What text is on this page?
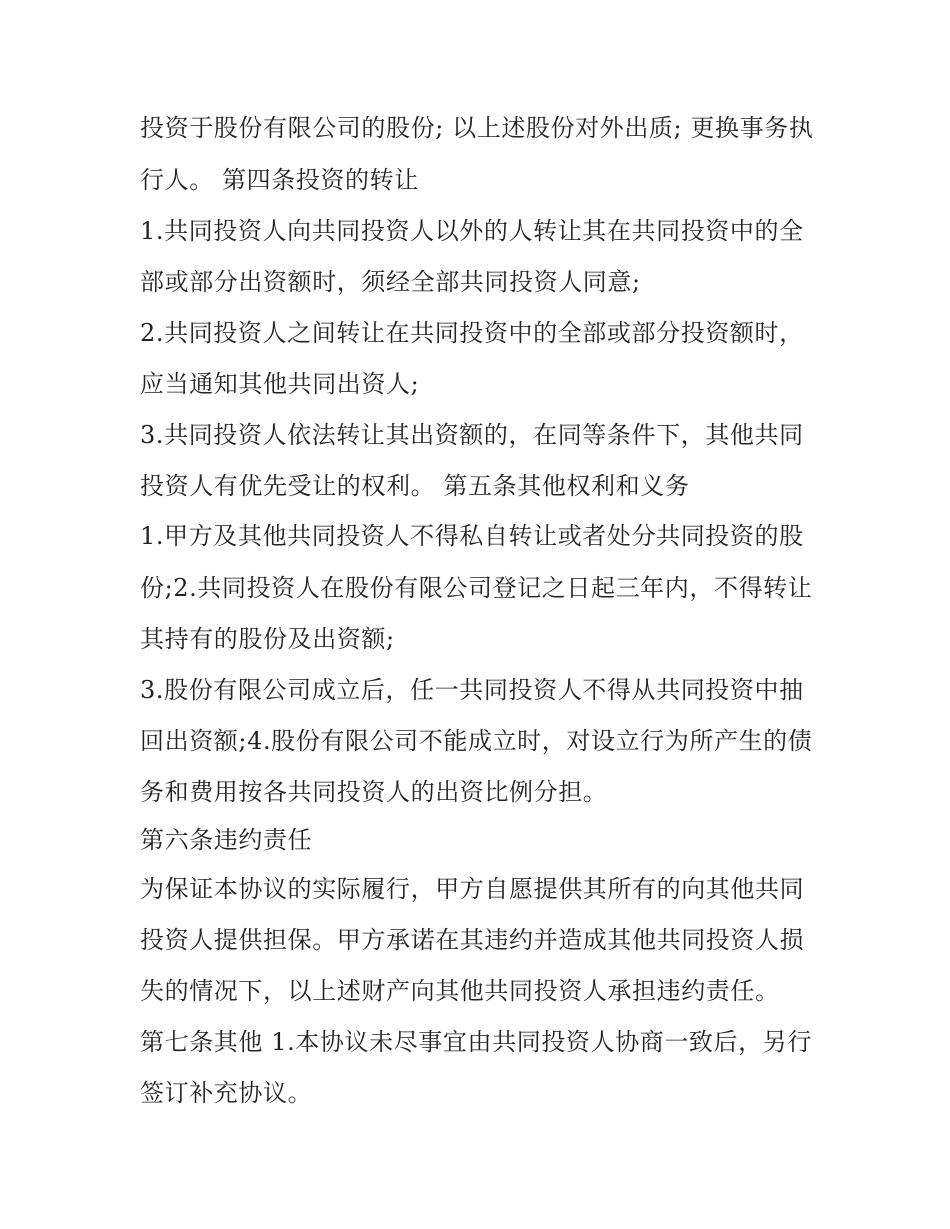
投资于股份有限公司的股份; 以上述股份对外出质; 更换事务执
行人。 第四条投资的转让
1.共同投资人向共同投资人以外的人转让其在共同投资中的全
部或部分出资额时，须经全部共同投资人同意;
2.共同投资人之间转让在共同投资中的全部或部分投资额时，
应当通知其他共同出资人;
3.共同投资人依法转让其出资额的，在同等条件下，其他共同
投资人有优先受让的权利。 第五条其他权利和义务
1.甲方及其他共同投资人不得私自转让或者处分共同投资的股
份;2.共同投资人在股份有限公司登记之日起三年内，不得转让
其持有的股份及出资额;
3.股份有限公司成立后，任一共同投资人不得从共同投资中抽
回出资额;4.股份有限公司不能成立时，对设立行为所产生的债
务和费用按各共同投资人的出资比例分担。
第六条违约责任
为保证本协议的实际履行，甲方自愿提供其所有的向其他共同
投资人提供担保。甲方承诺在其违约并造成其他共同投资人损
失的情况下，以上述财产向其他共同投资人承担违约责任。
第七条其他 1.本协议未尽事宜由共同投资人协商一致后，另行
签订补充协议。
